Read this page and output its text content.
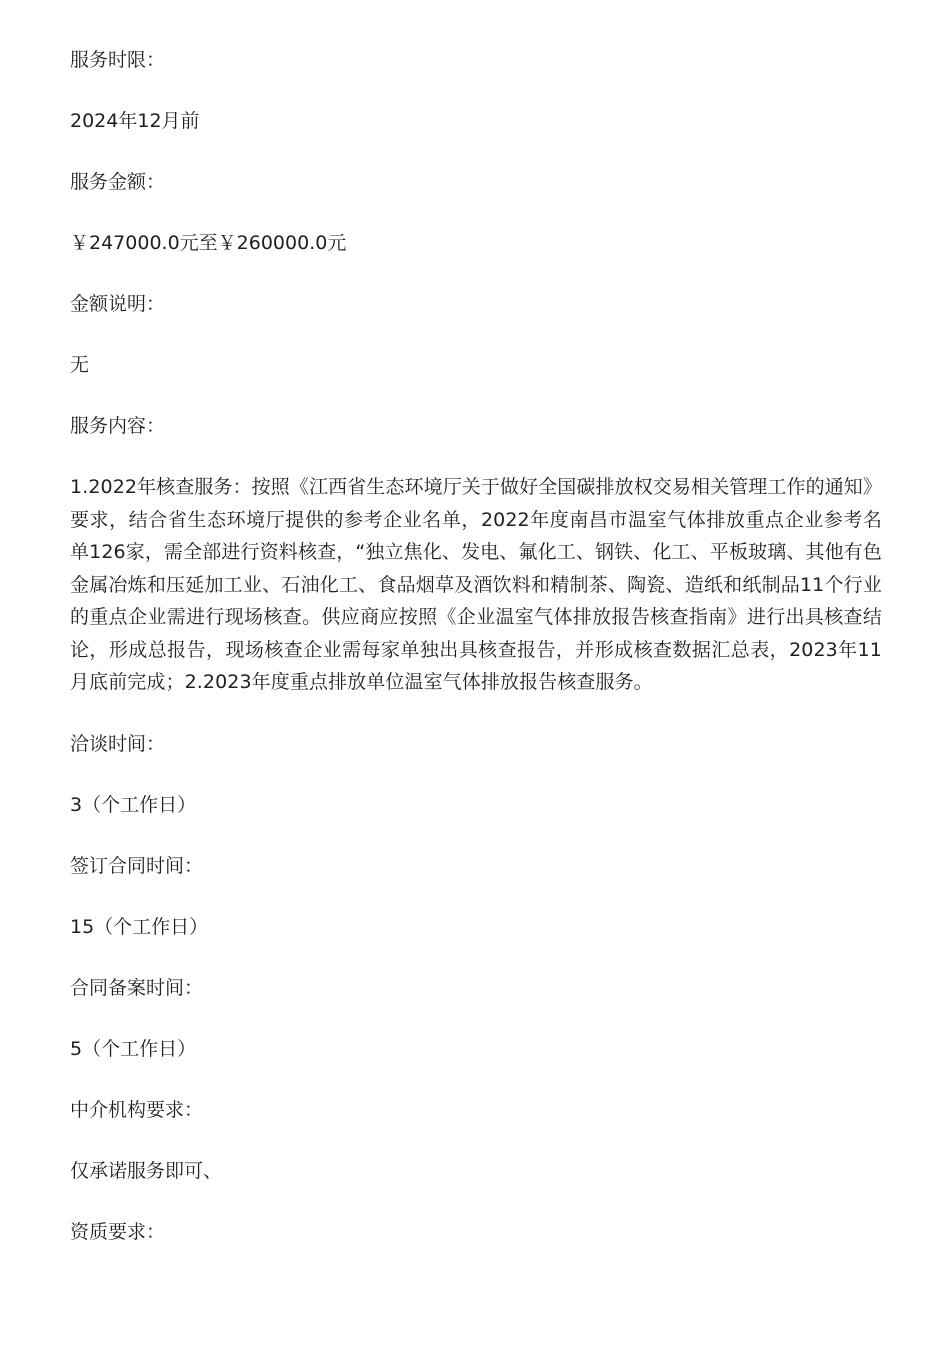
服务时限：
2024年12月前
服务金额：
￥247000.0元至￥260000.0元
金额说明：
无
服务内容：
1.2022年核查服务：按照《江西省生态环境厅关于做好全国碳排放权交易相关管理工作的通知》要求，结合省生态环境厅提供的参考企业名单，2022年度南昌市温室气体排放重点企业参考名单126家，需全部进行资料核查，“独立焦化、发电、氟化工、钢铁、化工、平板玻璃、其他有色金属冶炼和压延加工业、石油化工、食品烟草及酒饮料和精制茶、陶瓷、造纸和纸制品11个行业的重点企业需进行现场核查。供应商应按照《企业温室气体排放报告核查指南》进行出具核查结论，形成总报告，现场核查企业需每家单独出具核查报告，并形成核查数据汇总表，2023年11月底前完成；2.2023年度重点排放单位温室气体排放报告核查服务。
洽谈时间：
3（个工作日）
签订合同时间：
15（个工作日）
合同备案时间：
5（个工作日）
中介机构要求：
仅承诺服务即可、
资质要求：
